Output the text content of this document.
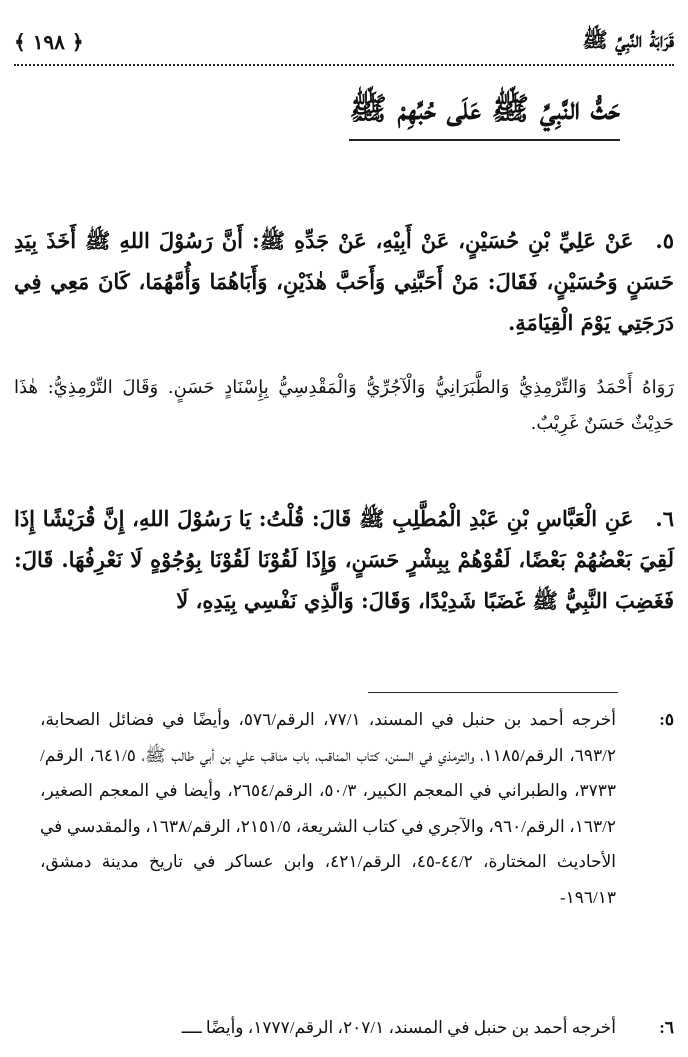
قَرَابَةُ النَّبِيِّ ﷺ
﴿ ١٩٨ ﴾
حَثُّ النَّبِيِّ ﷺ عَلَى حُبِّهِمْ ﷺ
٥.عَنْ عَلِيِّ بْنِ حُسَيْنٍ، عَنْ أَبِيْهِ، عَنْ جَدِّهِ ﷺ: أَنَّ رَسُوْلَ اللهِ ﷺ أَخَذَ بِيَدِ حَسَنٍ وَحُسَيْنٍ، فَقَالَ: مَنْ أَحَبَّنِي وَأَحَبَّ هٰذَيْنِ، وَأَبَاهُمَا وَأُمَّهُمَا، كَانَ مَعِي فِي دَرَجَتِي يَوْمَ الْقِيَامَةِ.
رَوَاهُ أَحْمَدُ وَالتِّرْمِذِيُّ وَالطَّبَرَانِيُّ وَالْآجُرِّيُّ وَالْمَقْدِسِيُّ بِإِسْنَادٍ حَسَنٍ. وَقَالَ التِّرْمِذِيُّ: هٰذَا حَدِيْثٌ حَسَنٌ غَرِيْبٌ.
٦.عَنِ الْعَبَّاسِ بْنِ عَبْدِ الْمُطَّلِبِ ﷺ قَالَ: قُلْتُ: يَا رَسُوْلَ اللهِ، إِنَّ قُرَيْشًا إِذَا لَقِيَ بَعْضُهُمْ بَعْضًا، لَقُوْهُمْ بِبِشْرٍ حَسَنٍ، وَإِذَا لَقُوْنَا لَقُوْنَا بِوُجُوْهٍ لَا نَعْرِفُهَا. قَالَ: فَغَضِبَ النَّبِيُّ ﷺ غَضَبًا شَدِيْدًا، وَقَالَ: وَالَّذِي نَفْسِي بِيَدِهِ، لَا
٥:
أخرجه أحمد بن حنبل في المسند، ٧٧/١، الرقم/٥٧٦، وأيضًا في فضائل الصحابة، ٦٩٣/٢، الرقم/١١٨٥، والترمذي في السنن، كتاب المناقب، باب مناقب علي بن أبي طالب ﷺ، ٦٤١/٥، الرقم/٣٧٣٣، والطبراني في المعجم الكبير، ٥٠/٣، الرقم/٢٦٥٤، وأيضا في المعجم الصغير، ١٦٣/٢، الرقم/٩٦٠، والآجري في كتاب الشريعة، ٢١٥١/٥، الرقم/١٦٣٨، والمقدسي في الأحاديث المختارة، ٤٤/٢-٤٥، الرقم/٤٢١، وابن عساكر في تاريخ مدينة دمشق، ١٩٦/١٣-
٦:
أخرجه أحمد بن حنبل في المسند، ٢٠٧/١، الرقم/١٧٧٧، وأيضًا ــــ
